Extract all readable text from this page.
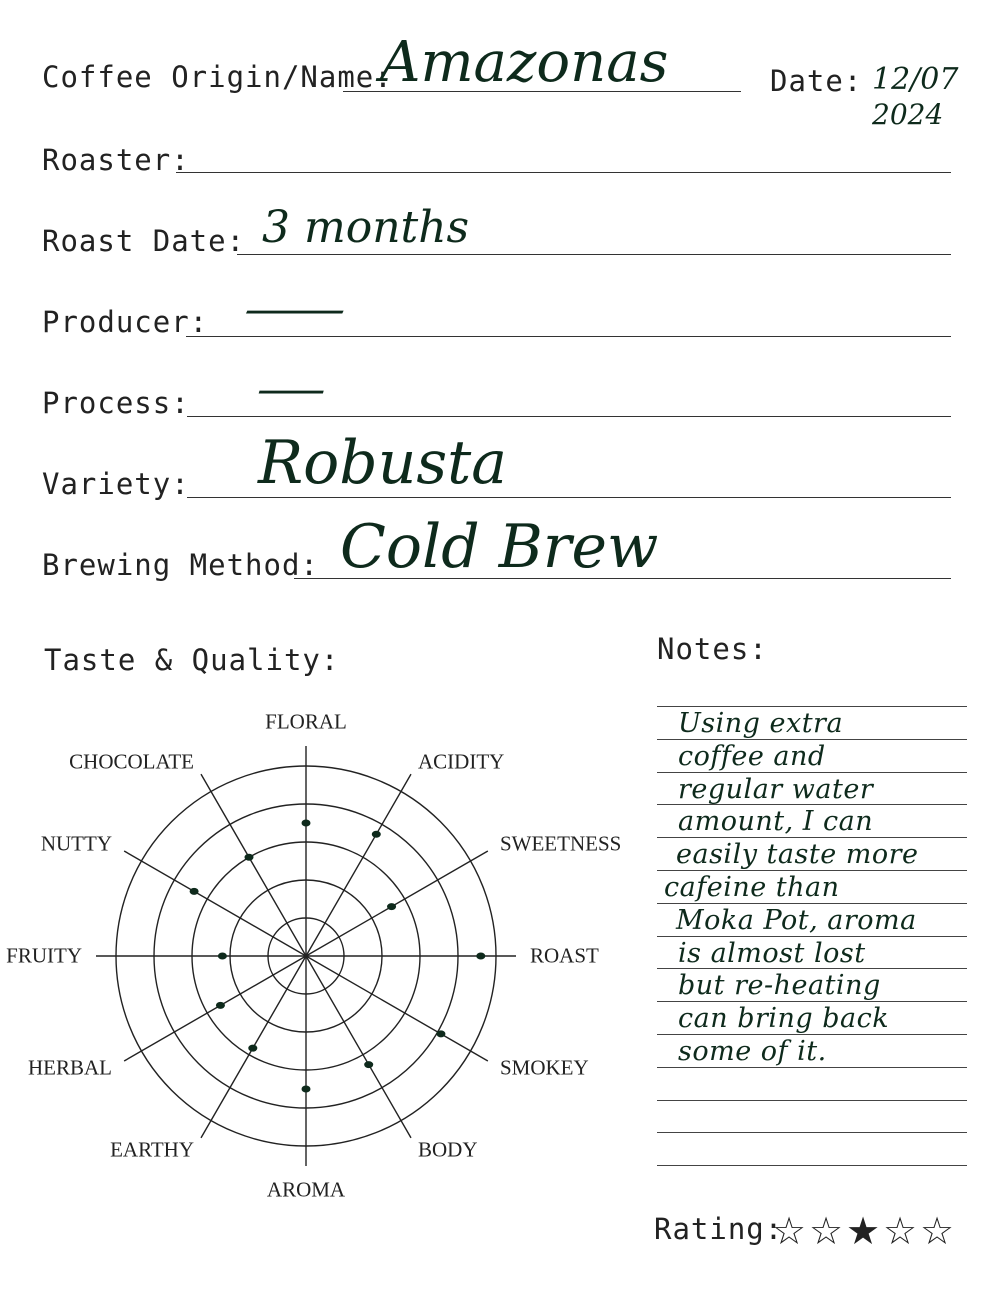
Coffee Origin/Name:
Amazonas	Date: 12/07
2024
Roaster:
Roast Date: 3 months
Producer: —
Process: —
Variety: Robusta
Brewing Method: Cold Brew
Taste & Quality:
FLORAL
ACIDITY
SWEETNESS
ROAST
SMOKEY
BODY
AROMA
EARTHY
HERBAL
FRUITY
NUTTY
CHOCOLATE
Notes:
Using extra
coffee and
regular water
amount, I can
easily taste more
cafeine than
Moka Pot, aroma
is almost lost
but re-heating
can bring back
some of it.
Rating:
☆☆★☆☆
